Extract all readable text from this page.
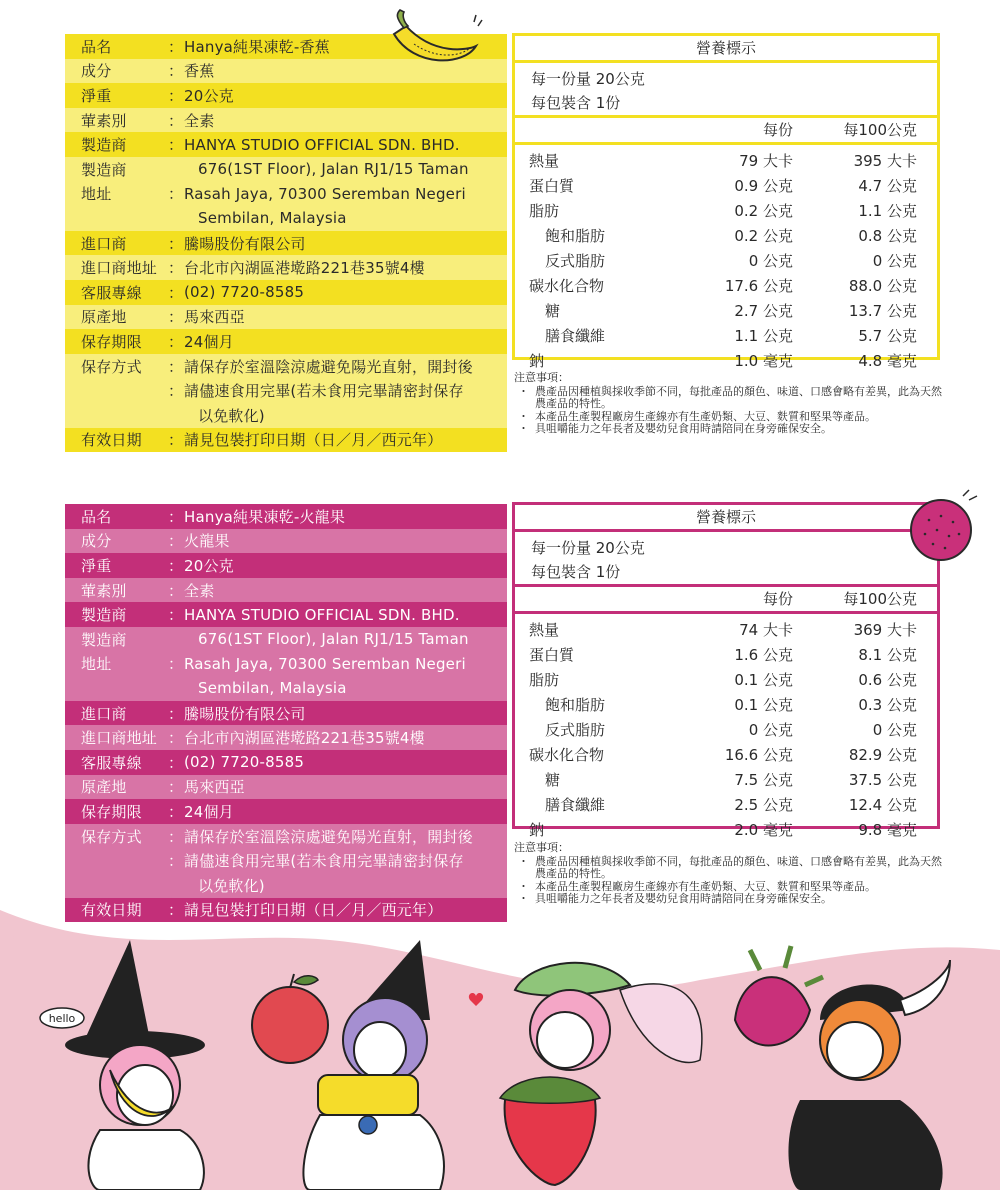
品名	： Hanya純果凍乾-香蕉
成分	： 香蕉
淨重	： 20公克
葷素別	： 全素
製造商	： HANYA STUDIO OFFICIAL SDN. BHD.
製造商	676(1ST Floor), Jalan RJ1/15 Taman
地址	： Rasah Jaya, 70300 Seremban Negeri
Sembilan, Malaysia
進口商	： 騰暘股份有限公司
進口商地址 ： 台北市內湖區港墘路221巷35號4樓
客服專線	： (02) 7720-8585
原產地	： 馬來西亞
保存期限	： 24個月
保存方式	： 請保存於室溫陰涼處避免陽光直射，開封後
： 請儘速食用完畢(若未食用完畢請密封保存
以免軟化)
有效日期	： 請見包裝打印日期（日／月／西元年）
營養標示
每一份量 20公克
每包裝含 1份
每份	每100公克
熱量	79 大卡	395 大卡
蛋白質	0.9 公克	4.7 公克
脂肪	0.2 公克	1.1 公克
飽和脂肪	0.2 公克	0.8 公克
反式脂肪	0 公克	0 公克
碳水化合物	17.6 公克	88.0 公克
糖	2.7 公克	13.7 公克
膳食纖維	1.1 公克	5.7 公克
鈉	1.0 毫克	4.8 毫克
注意事項：
・ 農產品因種植與採收季節不同，每批產品的顏色、味道、口感會略有差異，此為天然農產品的特性。
・ 本產品生產製程廠房生產線亦有生產奶類、大豆、麩質和堅果等產品。
・ 具咀嚼能力之年長者及嬰幼兒食用時請陪同在身旁確保安全。
品名	： Hanya純果凍乾-火龍果
成分	： 火龍果
淨重	： 20公克
葷素別	： 全素
製造商	： HANYA STUDIO OFFICIAL SDN. BHD.
製造商	676(1ST Floor), Jalan RJ1/15 Taman
地址	： Rasah Jaya, 70300 Seremban Negeri
Sembilan, Malaysia
進口商	： 騰暘股份有限公司
進口商地址 ： 台北市內湖區港墘路221巷35號4樓
客服專線	： (02) 7720-8585
原產地	： 馬來西亞
保存期限	： 24個月
保存方式	： 請保存於室溫陰涼處避免陽光直射，開封後
： 請儘速食用完畢(若未食用完畢請密封保存
以免軟化)
有效日期	： 請見包裝打印日期（日／月／西元年）
營養標示
每一份量 20公克
每包裝含 1份
每份	每100公克
熱量	74 大卡	369 大卡
蛋白質	1.6 公克	8.1 公克
脂肪	0.1 公克	0.6 公克
飽和脂肪	0.1 公克	0.3 公克
反式脂肪	0 公克	0 公克
碳水化合物	16.6 公克	82.9 公克
糖	7.5 公克	37.5 公克
膳食纖維	2.5 公克	12.4 公克
鈉	2.0 毫克	9.8 毫克
注意事項：
・ 農產品因種植與採收季節不同，每批產品的顏色、味道、口感會略有差異，此為天然農產品的特性。
・ 本產品生產製程廠房生產線亦有生產奶類、大豆、麩質和堅果等產品。
・ 具咀嚼能力之年長者及嬰幼兒食用時請陪同在身旁確保安全。
hello
